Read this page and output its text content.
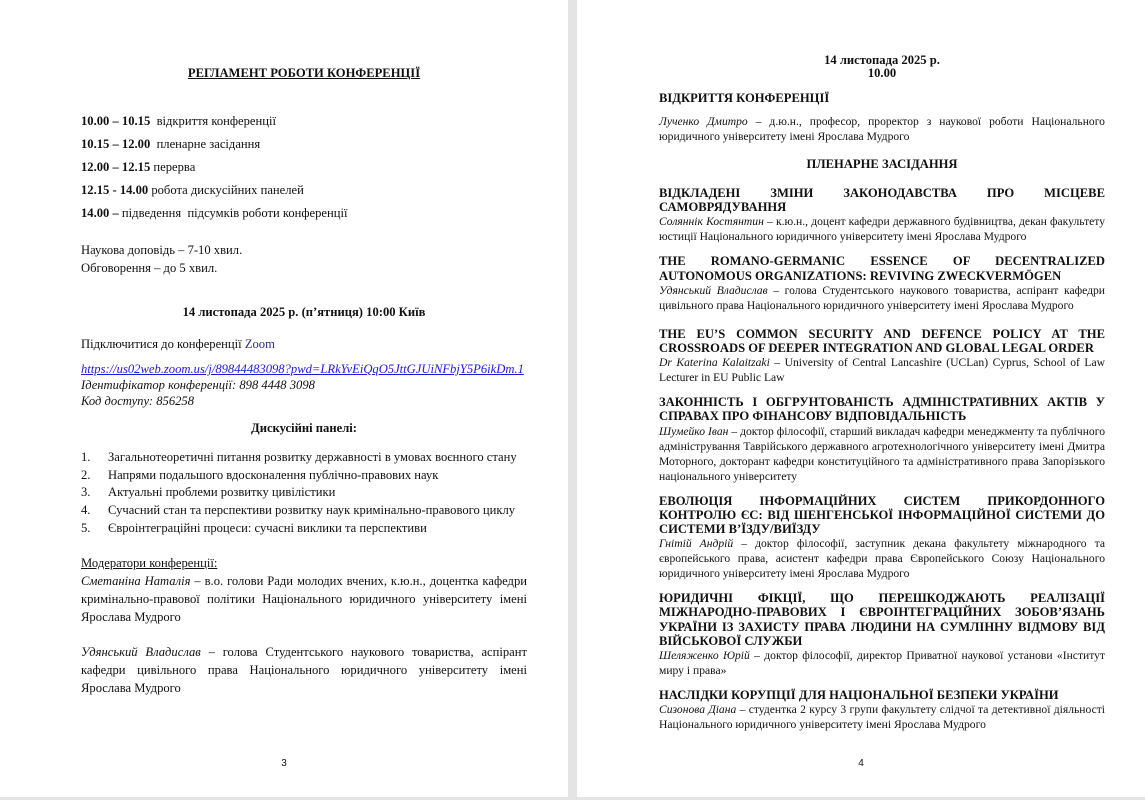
РЕГЛАМЕНТ РОБОТИ КОНФЕРЕНЦІЇ
10.00 – 10.15  відкриття конференції
10.15 – 12.00  пленарне засідання
12.00 – 12.15 перерва
12.15 - 14.00 робота дискусійних панелей
14.00 – підведення  підсумків роботи конференції
Наукова доповідь – 7-10 хвил.
Обговорення – до 5 хвил.
14 листопада 2025 р. (п’ятниця) 10:00 Київ
Підключитися до конференції Zoom
https://us02web.zoom.us/j/89844483098?pwd=LRkYvEiQqO5JttGJUiNFbjY5P6ikDm.1
Ідентифікатор конференції: 898 4448 3098
Код доступу: 856258
Дискусійні панелі:
1. Загальнотеоретичні питання розвитку державності в умовах воєнного стану
2. Напрями подальшого вдосконалення публічно-правових наук
3. Актуальні проблеми розвитку цивілістики
4. Сучасний стан та перспективи розвитку наук кримінально-правового циклу
5. Євроінтеграційні процеси: сучасні виклики та перспективи
Модератори конференції:
Сметаніна Наталія – в.о. голови Ради молодих вчених, к.ю.н., доцентка кафедри кримінально-правової політики Національного юридичного університету імені Ярослава Мудрого
Удянський Владислав – голова Студентського наукового товариства, аспірант кафедри цивільного права Національного юридичного університету імені Ярослава Мудрого
3
14 листопада 2025 р.
10.00
ВІДКРИТТЯ КОНФЕРЕНЦІЇ
Лученко Дмитро – д.ю.н., професор, проректор з наукової роботи Національного юридичного університету імені Ярослава Мудрого
ПЛЕНАРНЕ ЗАСІДАННЯ
ВІДКЛАДЕНІ ЗМІНИ ЗАКОНОДАВСТВА ПРО МІСЦЕВЕ САМОВРЯДУВАННЯ
Соляннік Костянтин – к.ю.н., доцент кафедри державного будівництва, декан факультету юстиції Національного юридичного університету імені Ярослава Мудрого
THE ROMANO-GERMANIC ESSENCE OF DECENTRALIZED AUTONOMOUS ORGANIZATIONS: REVIVING ZWECKVERMÖGEN
Удянський Владислав – голова Студентського наукового товариства, аспірант кафедри цивільного права Національного юридичного університету імені Ярослава Мудрого
THE EU’S COMMON SECURITY AND DEFENCE POLICY AT THE CROSSROADS OF DEEPER INTEGRATION AND GLOBAL LEGAL ORDER
Dr Katerina Kalaitzaki – University of Central Lancashire (UCLan) Cyprus, School of Law Lecturer in EU Public Law
ЗАКОННІСТЬ І ОБГРУНТОВАНІСТЬ АДМІНІСТРАТИВНИХ АКТІВ У СПРАВАХ ПРО ФІНАНСОВУ ВІДПОВІДАЛЬНІСТЬ
Шумейко Іван – доктор філософії, старший викладач кафедри менеджменту та публічного адміністрування Таврійського державного агротехнологічного університету імені Дмитра Моторного, докторант кафедри конституційного та адміністративного права Запорізького національного університету
ЕВОЛЮЦІЯ ІНФОРМАЦІЙНИХ СИСТЕМ ПРИКОРДОННОГО КОНТРОЛЮ ЄС: ВІД ШЕНГЕНСЬКОЇ ІНФОРМАЦІЙНОЇ СИСТЕМИ ДО СИСТЕМИ В’ЇЗДУ/ВИЇЗДУ
Гнітій Андрій – доктор філософії, заступник декана факультету міжнародного та європейського права, асистент кафедри права Європейського Союзу Національного юридичного університету імені Ярослава Мудрого
ЮРИДИЧНІ ФІКЦІЇ, ЩО ПЕРЕШКОДЖАЮТЬ РЕАЛІЗАЦІЇ МІЖНАРОДНО-ПРАВОВИХ І ЄВРОІНТЕГРАЦІЙНИХ ЗОБОВ’ЯЗАНЬ УКРАЇНИ ІЗ ЗАХИСТУ ПРАВА ЛЮДИНИ НА СУМЛІННУ ВІДМОВУ ВІД ВІЙСЬКОВОЇ СЛУЖБИ
Шеляженко Юрій – доктор філософії, директор Приватної наукової установи «Інститут миру і права»
НАСЛІДКИ КОРУПЦІЇ ДЛЯ НАЦІОНАЛЬНОЇ БЕЗПЕКИ УКРАЇНИ
Сизонова Діана – студентка 2 курсу 3 групи факультету слідчої та детективної діяльності Національного юридичного університету імені Ярослава Мудрого
4
